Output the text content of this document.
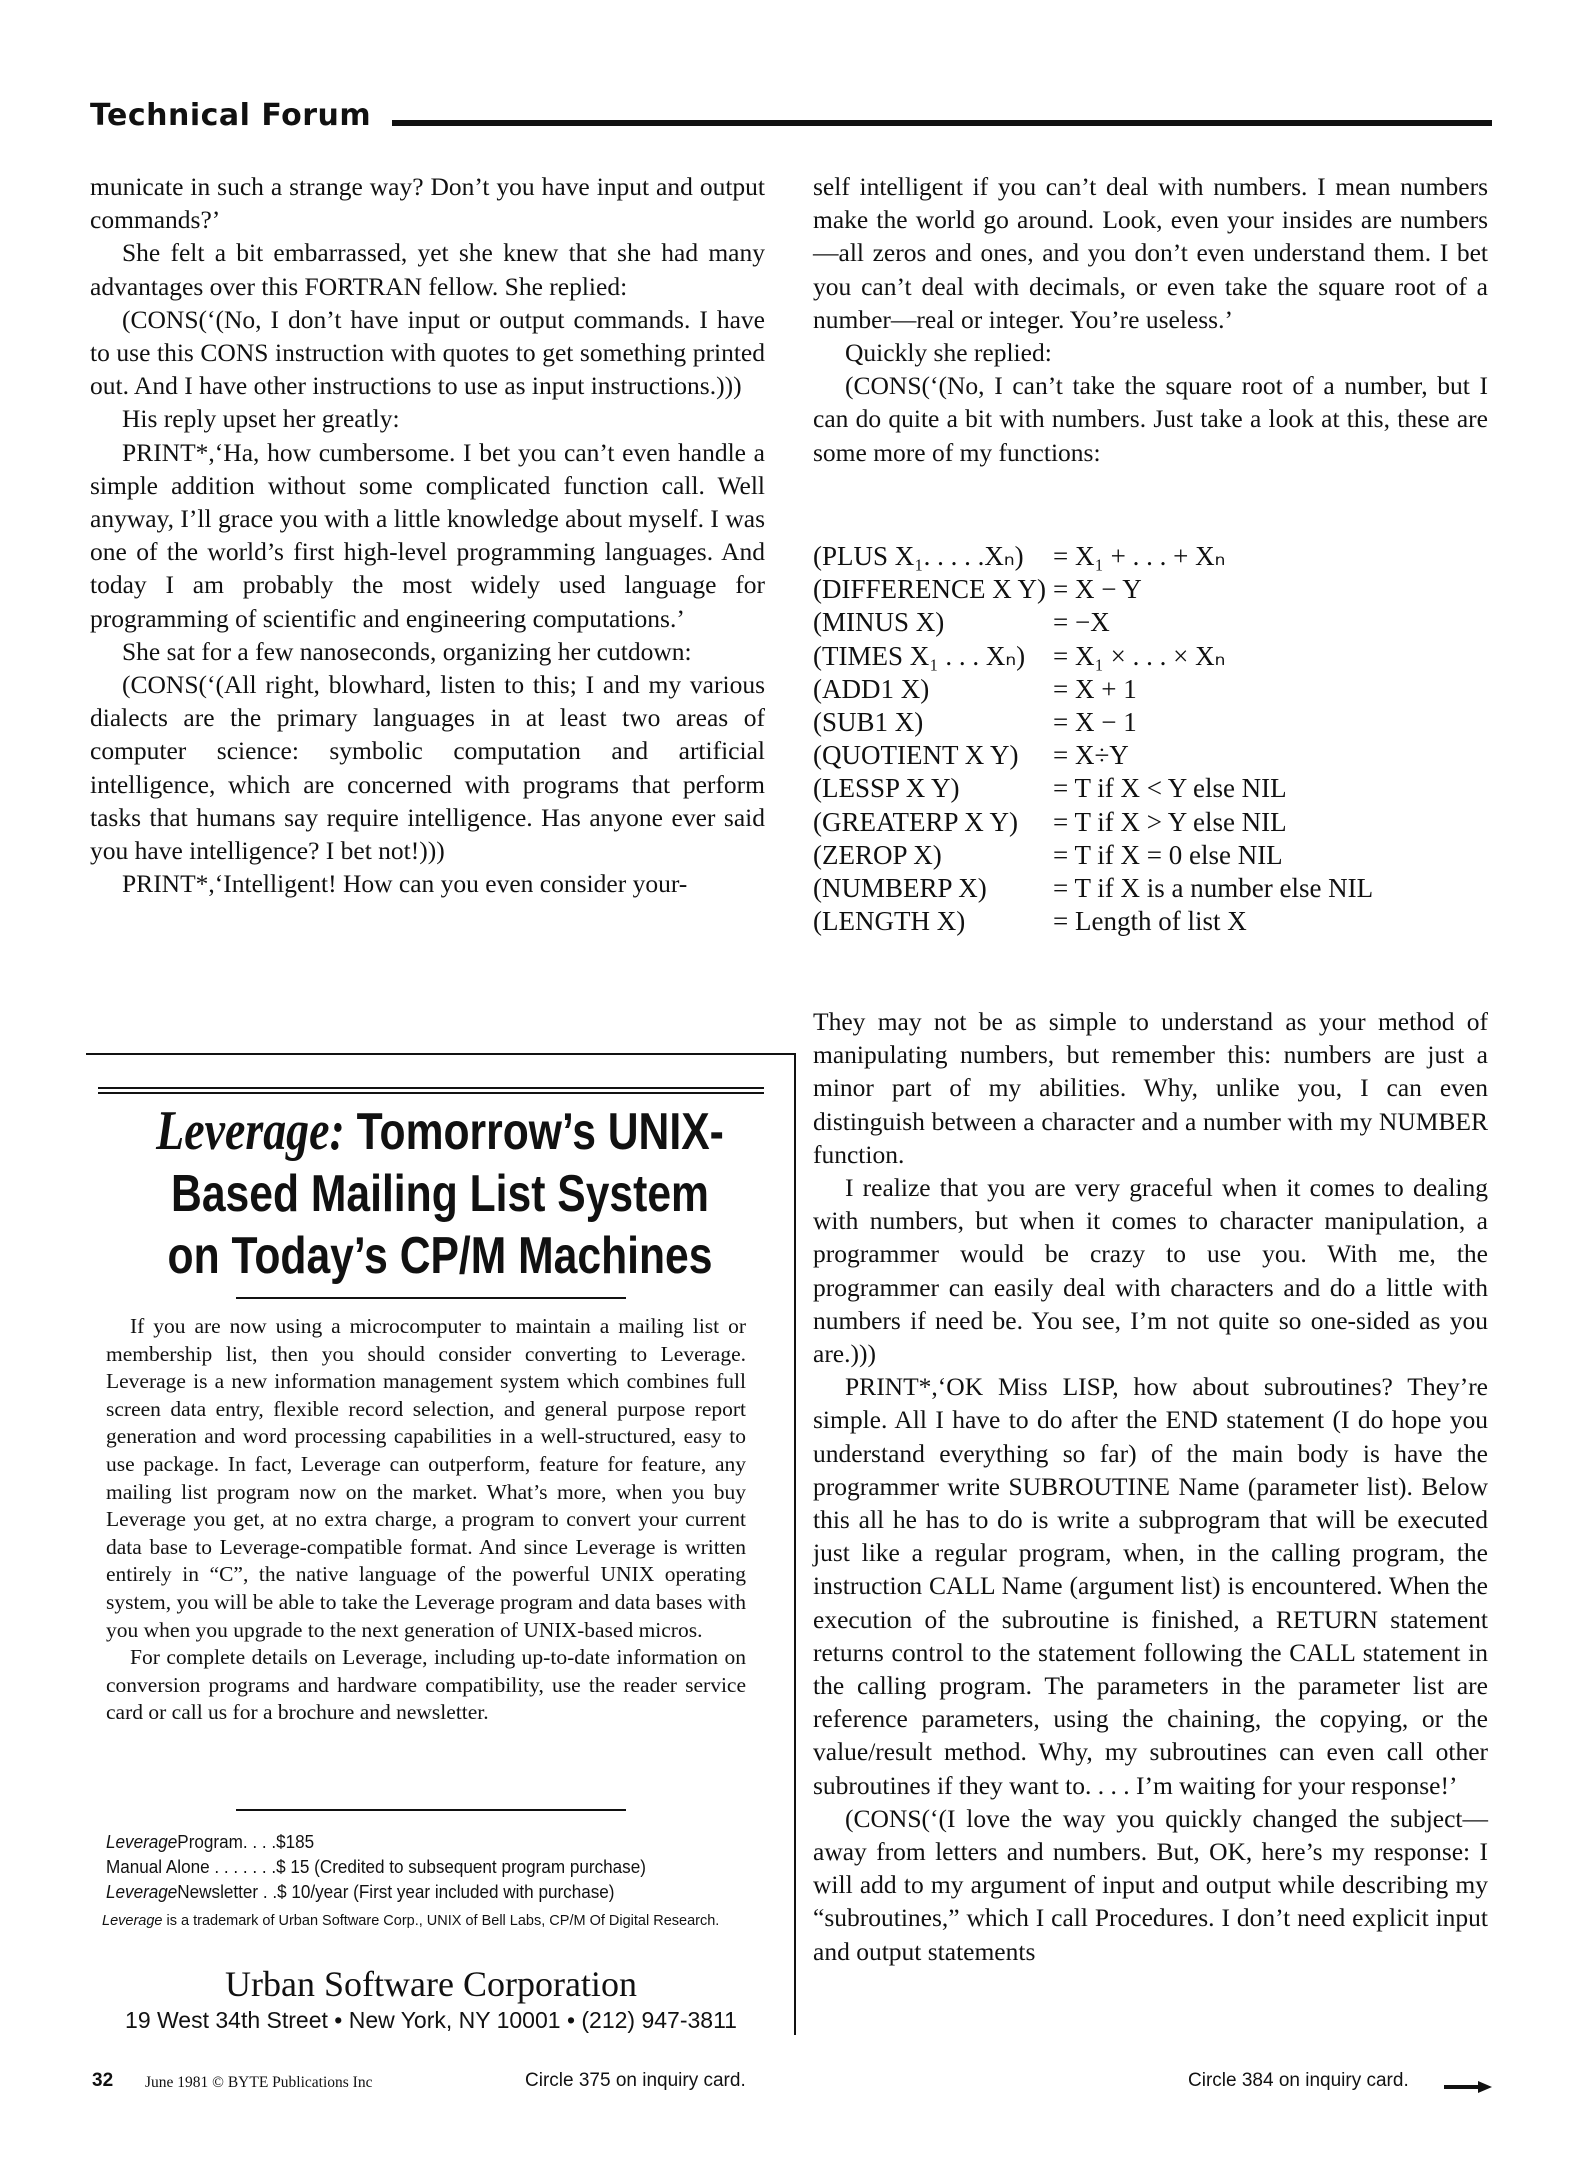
Technical Forum

municate in such a strange way? Don’t you have input and output commands?’

She felt a bit embarrassed, yet she knew that she had many advantages over this FORTRAN fellow. She replied:

(CONS(‘(No, I don’t have input or output commands. I have to use this CONS instruction with quotes to get something printed out. And I have other instructions to use as input instructions.)))

His reply upset her greatly:

PRINT*,‘Ha, how cumbersome. I bet you can’t even handle a simple addition without some complicated function call. Well anyway, I’ll grace you with a little knowledge about myself. I was one of the world’s first high-level programming languages. And today I am probably the most widely used language for programming of scientific and engineering computations.’

She sat for a few nanoseconds, organizing her cutdown:

(CONS(‘(All right, blowhard, listen to this; I and my various dialects are the primary languages in at least two areas of computer science: symbolic computation and artificial intelligence, which are concerned with programs that perform tasks that humans say require intelligence. Has anyone ever said you have intelligence? I bet not!)))

PRINT*,‘Intelligent! How can you even consider your-

self intelligent if you can’t deal with numbers. I mean numbers make the world go around. Look, even your insides are numbers—all zeros and ones, and you don’t even understand them. I bet you can’t deal with decimals, or even take the square root of a number—real or integer. You’re useless.’

Quickly she replied:

(CONS(‘(No, I can’t take the square root of a number, but I can do quite a bit with numbers. Just take a look at this, these are some more of my functions:

(PLUS X₁. . . . .Xₙ)	= X₁ + . . . + Xₙ
(DIFFERENCE X Y) = X − Y
(MINUS X)	= −X
(TIMES X₁ . . . Xₙ)	= X₁ × . . . × Xₙ
(ADD1 X)	= X + 1
(SUB1 X)	= X − 1
(QUOTIENT X Y)	= X÷Y
(LESSP X Y)	= T if X < Y else NIL
(GREATERP X Y)	= T if X > Y else NIL
(ZEROP X)	= T if X = 0 else NIL
(NUMBERP X)	= T if X is a number else NIL
(LENGTH X)	= Length of list X

They may not be as simple to understand as your method of manipulating numbers, but remember this: numbers are just a minor part of my abilities. Why, unlike you, I can even distinguish between a character and a number with my NUMBER function.

I realize that you are very graceful when it comes to dealing with numbers, but when it comes to character manipulation, a programmer would be crazy to use you. With me, the programmer can easily deal with characters and do a little with numbers if need be. You see, I’m not quite so one-sided as you are.)))

PRINT*,‘OK Miss LISP, how about subroutines? They’re simple. All I have to do after the END statement (I do hope you understand everything so far) of the main body is have the programmer write SUBROUTINE Name (parameter list). Below this all he has to do is write a subprogram that will be executed just like a regular program, when, in the calling program, the instruction CALL Name (argument list) is encountered. When the execution of the subroutine is finished, a RETURN statement returns control to the statement following the CALL statement in the calling program. The parameters in the parameter list are reference parameters, using the chaining, the copying, or the value/result method. Why, my subroutines can even call other subroutines if they want to. . . . I’m waiting for your response!’

(CONS(‘(I love the way you quickly changed the subject—away from letters and numbers. But, OK, here’s my response: I will add to my argument of input and output while describing my “subroutines,” which I call Procedures. I don’t need explicit input and output statements

Leverage: Tomorrow’s UNIX-
Based Mailing List System
on Today’s CP/M Machines

If you are now using a microcomputer to maintain a mailing list or membership list, then you should consider converting to Leverage. Leverage is a new information management system which combines full screen data entry, flexible record selection, and general purpose report generation and word processing capabilities in a well-structured, easy to use package. In fact, Leverage can outperform, feature for feature, any mailing list program now on the market. What’s more, when you buy Leverage you get, at no extra charge, a program to convert your current data base to Leverage-compatible format. And since Leverage is written entirely in “C”, the native language of the powerful UNIX operating system, you will be able to take the Leverage program and data bases with you when you upgrade to the next generation of UNIX-based micros.

For complete details on Leverage, including up-to-date information on conversion programs and hardware compatibility, use the reader service card or call us for a brochure and newsletter.

LeverageProgram. . . .$185
Manual Alone . . . . . . .$ 15 (Credited to subsequent program purchase)
LeverageNewsletter . .$ 10/year (First year included with purchase)
Leverage is a trademark of Urban Software Corp., UNIX of Bell Labs, CP/M Of Digital Research.
Urban Software Corporation
19 West 34th Street • New York, NY 10001 • (212) 947-3811
32 June 1981 © BYTE Publications Inc	Circle 375 on inquiry card.	Circle 384 on inquiry card.
